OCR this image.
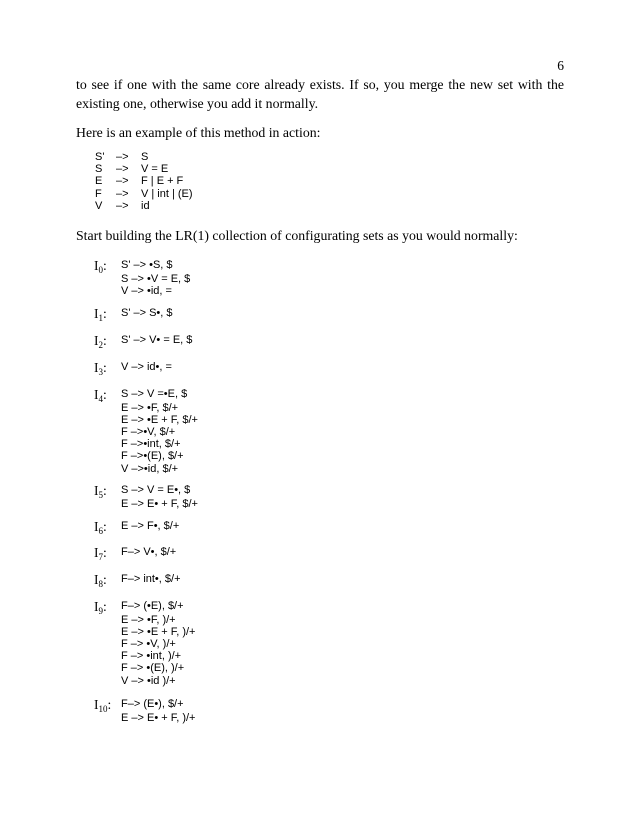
6
to see if one with the same core already exists. If so, you merge the new set with the existing one, otherwise you add it normally.
Here is an example of this method in action:
S'	–>	S
S	–>	V = E
E	–>	F | E + F
F	–>	V | int | (E)
V	–>	id
Start building the LR(1) collection of configurating sets as you would normally:
$I_0$: S' –> •S, $
S –> •V = E, $
V –> •id, =
$I_1$: S' –> S•, $
$I_2$: S' –> V• = E, $
$I_3$: V –> id•, =
$I_4$: S –> V =•E, $
E –> •F, $/+
E –> •E + F, $/+
F –>•V, $/+
F –>•int, $/+
F –>•(E), $/+
V –>•id, $/+
$I_5$: S –> V = E•, $
E –> E• + F, $/+
$I_6$: E –> F•, $/+
$I_7$: F–> V•, $/+
$I_8$: F–> int•, $/+
$I_9$: F–> (•E), $/+
E –> •F, )/+
E –> •E + F, )/+
F –> •V, )/+
F –> •int, )/+
F –> •(E), )/+
V –> •id )/+
$I_{10}$: F–> (E•), $/+
E –> E• + F, )/+
